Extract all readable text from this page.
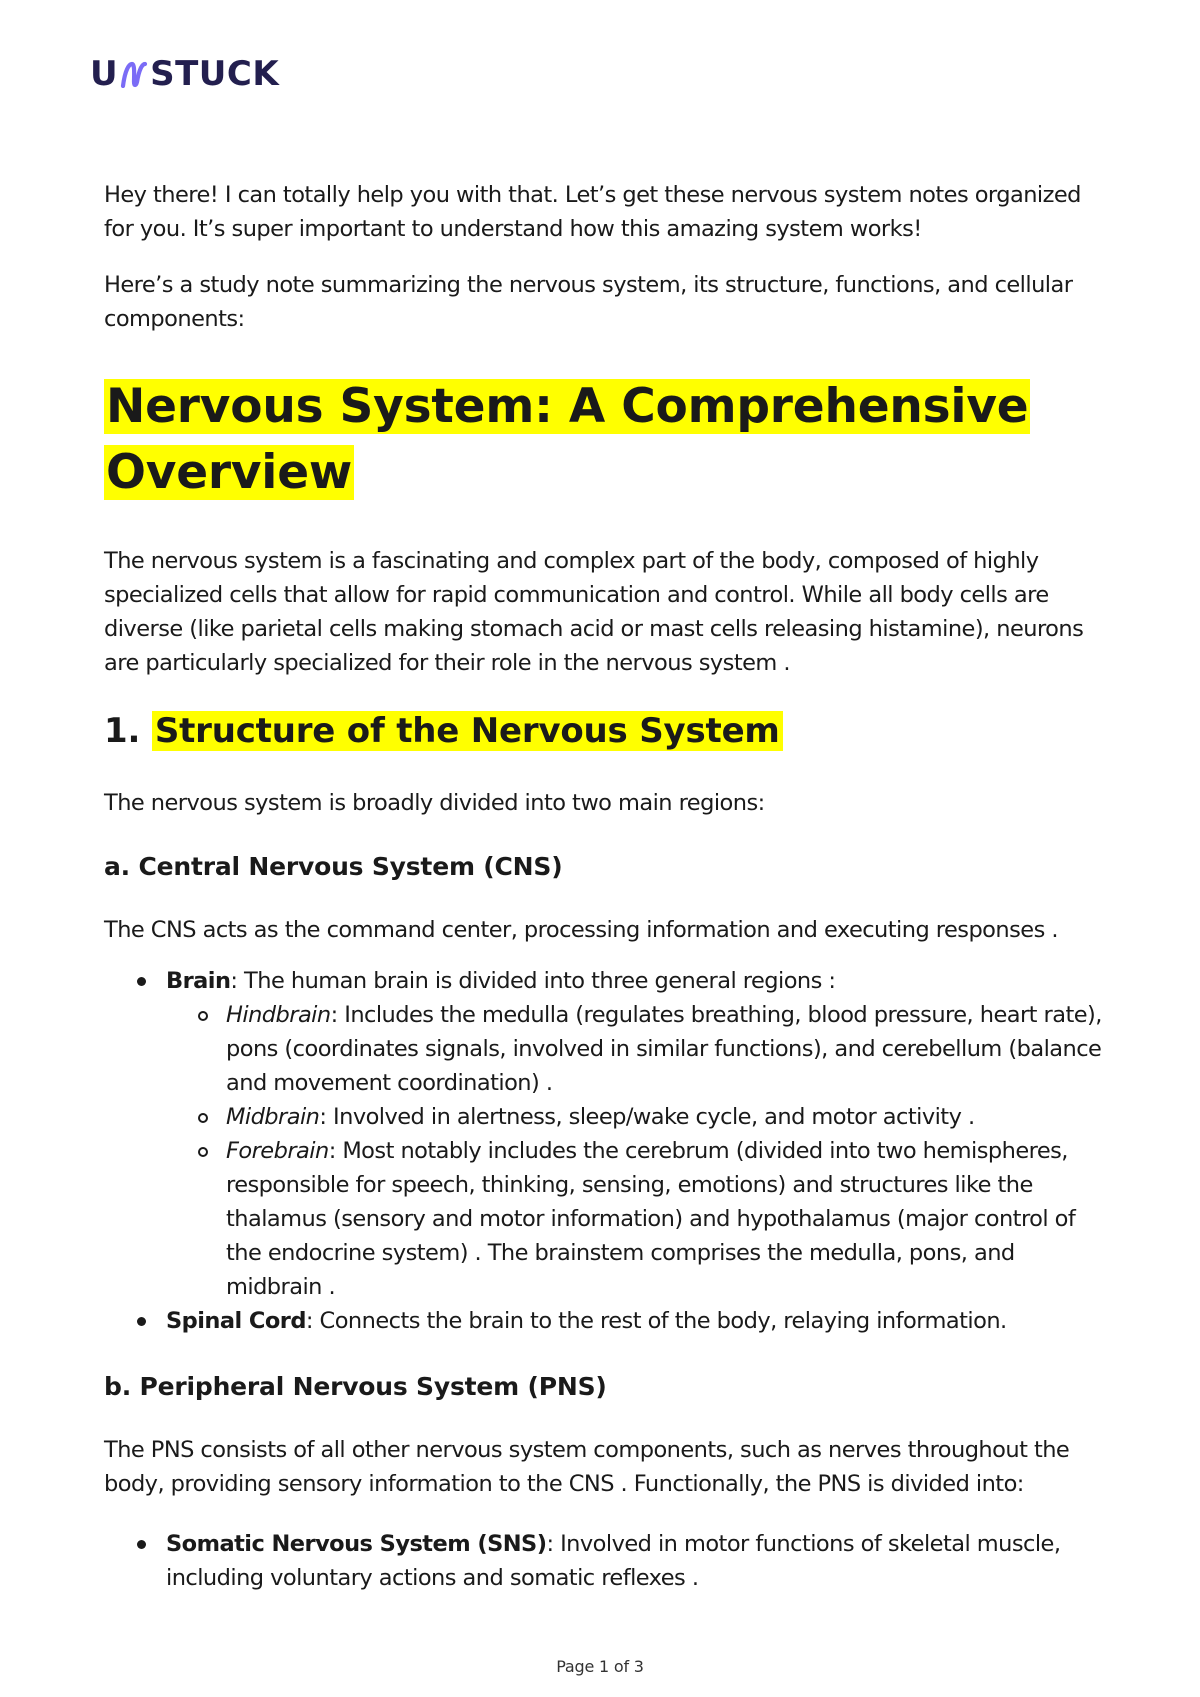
U STUCK

Hey there! I can totally help you with that. Let’s get these nervous system notes organized for you. It’s super important to understand how this amazing system works!

Here’s a study note summarizing the nervous system, its structure, functions, and cellular components:

Nervous System: A Comprehensive Overview

The nervous system is a fascinating and complex part of the body, composed of highly specialized cells that allow for rapid communication and control. While all body cells are diverse (like parietal cells making stomach acid or mast cells releasing histamine), neurons are particularly specialized for their role in the nervous system .

1. Structure of the Nervous System

The nervous system is broadly divided into two main regions:

a. Central Nervous System (CNS)

The CNS acts as the command center, processing information and executing responses .

Brain: The human brain is divided into three general regions :
Hindbrain: Includes the medulla (regulates breathing, blood pressure, heart rate), pons (coordinates signals, involved in similar functions), and cerebellum (balance and movement coordination) .
Midbrain: Involved in alertness, sleep/wake cycle, and motor activity .
Forebrain: Most notably includes the cerebrum (divided into two hemispheres, responsible for speech, thinking, sensing, emotions) and structures like the thalamus (sensory and motor information) and hypothalamus (major control of the endocrine system) . The brainstem comprises the medulla, pons, and midbrain .
Spinal Cord: Connects the brain to the rest of the body, relaying information.
b. Peripheral Nervous System (PNS)

The PNS consists of all other nervous system components, such as nerves throughout the body, providing sensory information to the CNS . Functionally, the PNS is divided into:

Somatic Nervous System (SNS): Involved in motor functions of skeletal muscle, including voluntary actions and somatic reflexes .
Page 1 of 3
